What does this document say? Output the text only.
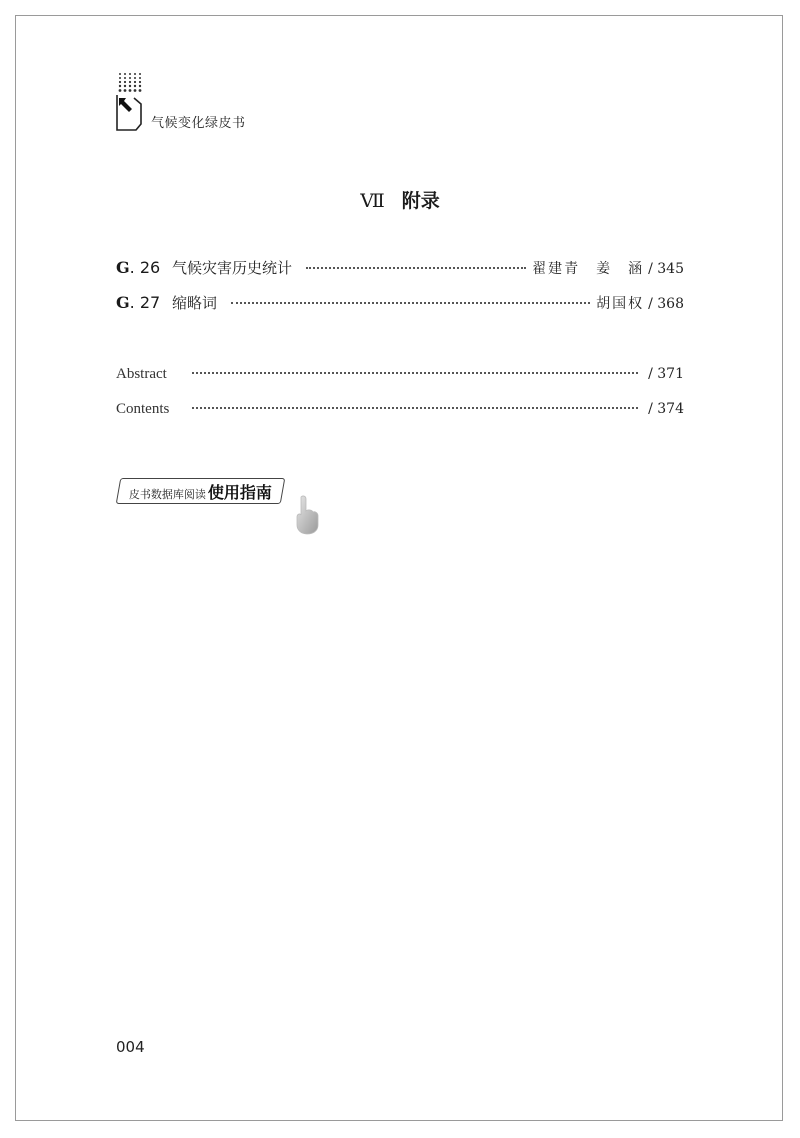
气候变化绿皮书
Ⅶ 附录
G. 26 气候灾害历史统计	翟建青　姜　涵 / 345
G. 27 缩略词	胡国权 / 368
Abstract	/ 371
Contents	/ 374
皮书数据库阅读 使用指南
004
